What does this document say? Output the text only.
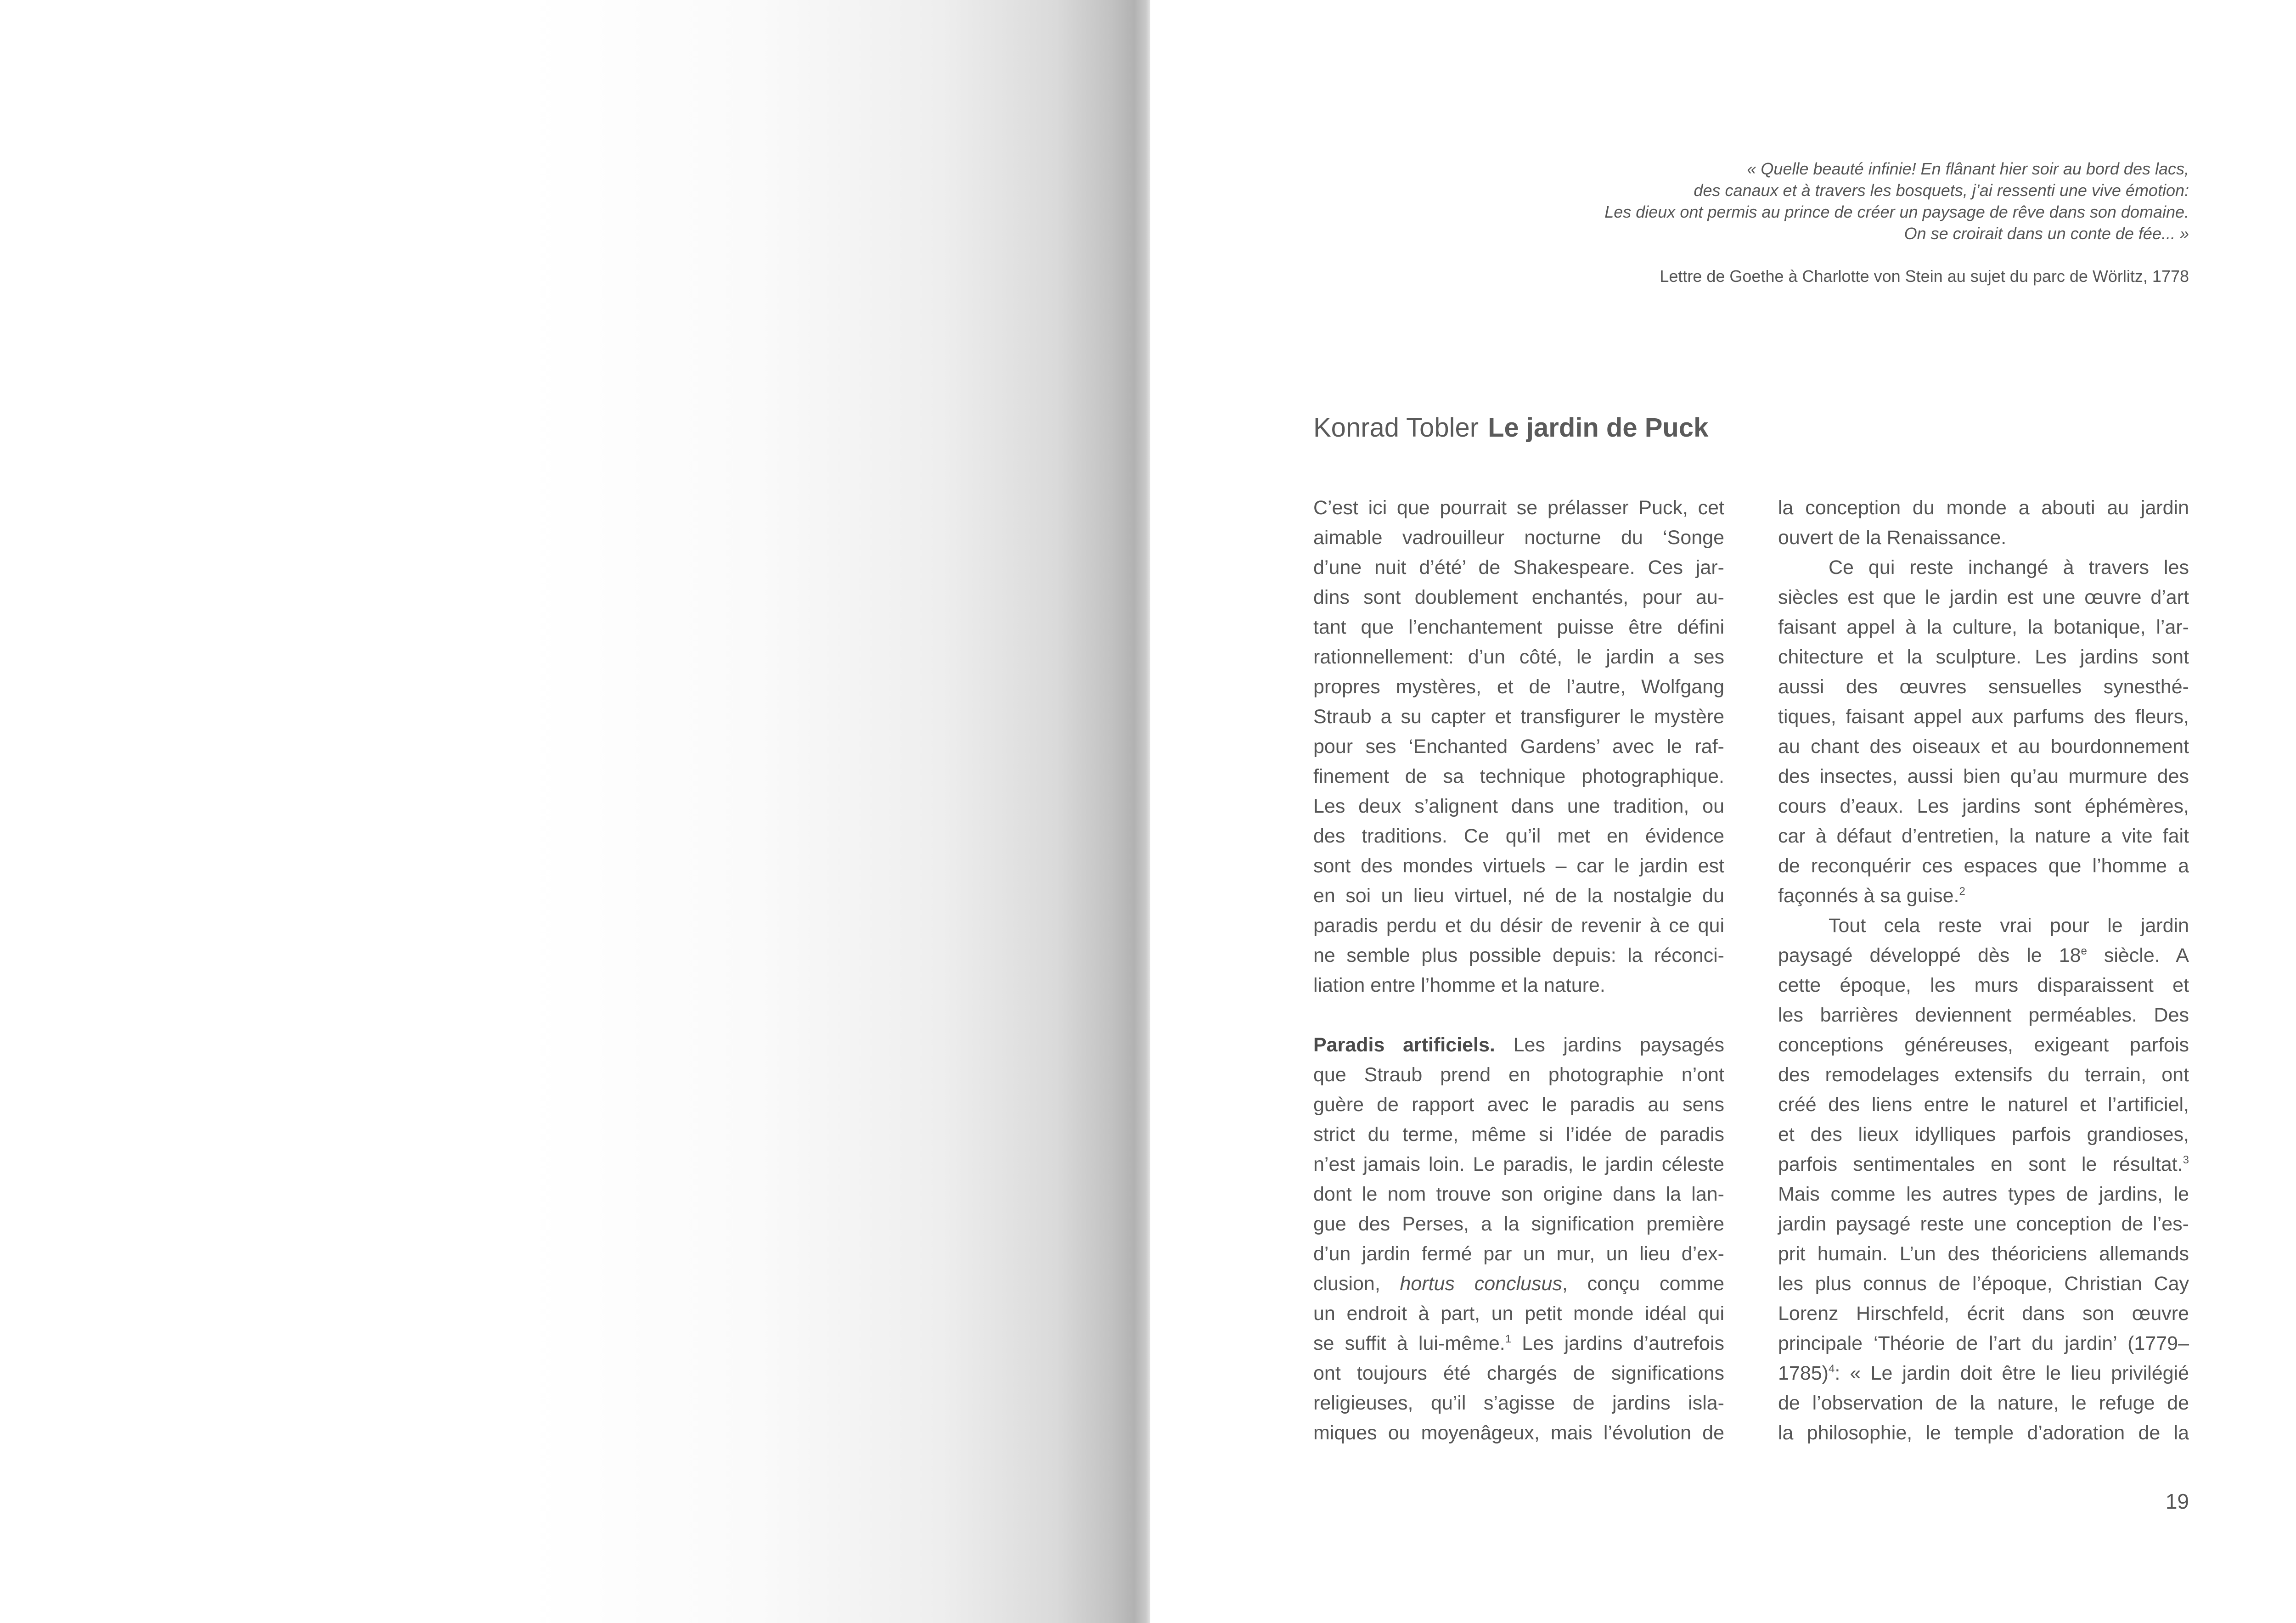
« Quelle beauté infinie! En flânant hier soir au bord des lacs,
des canaux et à travers les bosquets, j’ai ressenti une vive émotion:
Les dieux ont permis au prince de créer un paysage de rêve dans son domaine.
On se croirait dans un conte de fée... »
Lettre de Goethe à Charlotte von Stein au sujet du parc de Wörlitz, 1778
Konrad Tobler Le jardin de Puck
C’est ici que pourrait se prélasser Puck, cet
aimable vadrouilleur nocturne du ‘Songe
d’une nuit d’été’ de Shakespeare. Ces jar-
dins sont doublement enchantés, pour au-
tant que l’enchantement puisse être défini
rationnellement: d’un côté, le jardin a ses
propres mystères, et de l’autre, Wolfgang
Straub a su capter et transfigurer le mystère
pour ses ‘Enchanted Gardens’ avec le raf-
finement de sa technique photographique.
Les deux s’alignent dans une tradition, ou
des traditions. Ce qu’il met en évidence
sont des mondes virtuels – car le jardin est
en soi un lieu virtuel, né de la nostalgie du
paradis perdu et du désir de revenir à ce qui
ne semble plus possible depuis: la réconci-
liation entre l’homme et la nature.
Paradis artificiels. Les jardins paysagés
que Straub prend en photographie n’ont
guère de rapport avec le paradis au sens
strict du terme, même si l’idée de paradis
n’est jamais loin. Le paradis, le jardin céleste
dont le nom trouve son origine dans la lan-
gue des Perses, a la signification première
d’un jardin fermé par un mur, un lieu d’ex-
clusion, hortus conclusus, conçu comme
un endroit à part, un petit monde idéal qui
se suffit à lui-même.$^1$ Les jardins d’autrefois
ont toujours été chargés de significations
religieuses, qu’il s’agisse de jardins isla-
miques ou moyenâgeux, mais l’évolution de
la conception du monde a abouti au jardin
ouvert de la Renaissance.
Ce qui reste inchangé à travers les
siècles est que le jardin est une œuvre d’art
faisant appel à la culture, la botanique, l’ar-
chitecture et la sculpture. Les jardins sont
aussi des œuvres sensuelles synesthé-
tiques, faisant appel aux parfums des fleurs,
au chant des oiseaux et au bourdonnement
des insectes, aussi bien qu’au murmure des
cours d’eaux. Les jardins sont éphémères,
car à défaut d’entretien, la nature a vite fait
de reconquérir ces espaces que l’homme a
façonnés à sa guise.$^2$
Tout cela reste vrai pour le jardin
paysagé développé dès le 18e siècle. A
cette époque, les murs disparaissent et
les barrières deviennent perméables. Des
conceptions généreuses, exigeant parfois
des remodelages extensifs du terrain, ont
créé des liens entre le naturel et l’artificiel,
et des lieux idylliques parfois grandioses,
parfois sentimentales en sont le résultat.$^3$
Mais comme les autres types de jardins, le
jardin paysagé reste une conception de l’es-
prit humain. L’un des théoriciens allemands
les plus connus de l’époque, Christian Cay
Lorenz Hirschfeld, écrit dans son œuvre
principale ‘Théorie de l’art du jardin’ (1779–
1785)$^4$: « Le jardin doit être le lieu privilégié
de l’observation de la nature, le refuge de
la philosophie, le temple d’adoration de la
19
